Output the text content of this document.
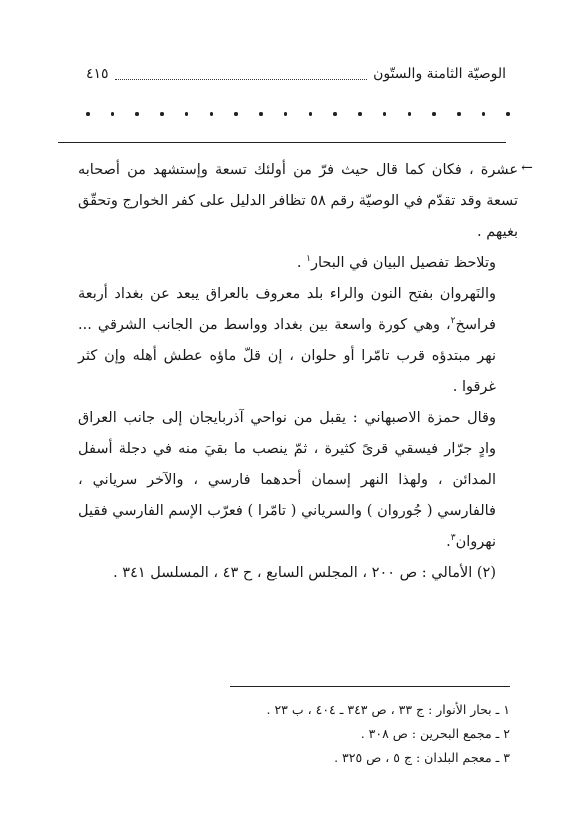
الوصيّة الثامنة والستّون
٤١٥
←

عشرة ، فكان كما قال حيث فرّ من أولئك تسعة وإستشهد من أصحابه تسعة وقد تقدّم في الوصيّة رقم ٥٨ تظافر الدليل على كفر الخوارج وتحقّق بغيهم .

وتلاحظ تفصيل البيان في البحار$^١$ .

والنَهروان بفتح النون والراء بلد معروف بالعراق يبعد عن بغداد أربعة فراسخ$^٢$، وهي كورة واسعة بين بغداد وواسط من الجانب الشرقي ... نهر مبتدؤه قرب تامّرا أو حلوان ، إن قلّ ماؤه عطش أهله وإن كثر غرقوا .

وقال حمزة الاصبهاني : يقبل من نواحي آذربايجان إلى جانب العراق وادٍ جرّار فيسقي قرىً كثيرة ، ثمّ ينصب ما بقيَ منه في دجلة أسفل المدائن ، ولهذا النهر إسمان أحدهما فارسي ، والآخر سرياني ، فالفارسي ( جُوروان ) والسرياني ( تامّرا ) فعرّب الإسم الفارسي فقيل نهروان$^٣$.

(٢) الأمالي : ص ٢٠٠ ، المجلس السابع ، ح ٤٣ ، المسلسل ٣٤١ .

١ ـ بحار الأنوار : ج ٣٣ ، ص ٣٤٣ ـ ٤٠٤ ، ب ٢٣ .
٢ ـ مجمع البحرين : ص ٣٠٨ .
٣ ـ معجم البلدان : ج ٥ ، ص ٣٢٥ .
